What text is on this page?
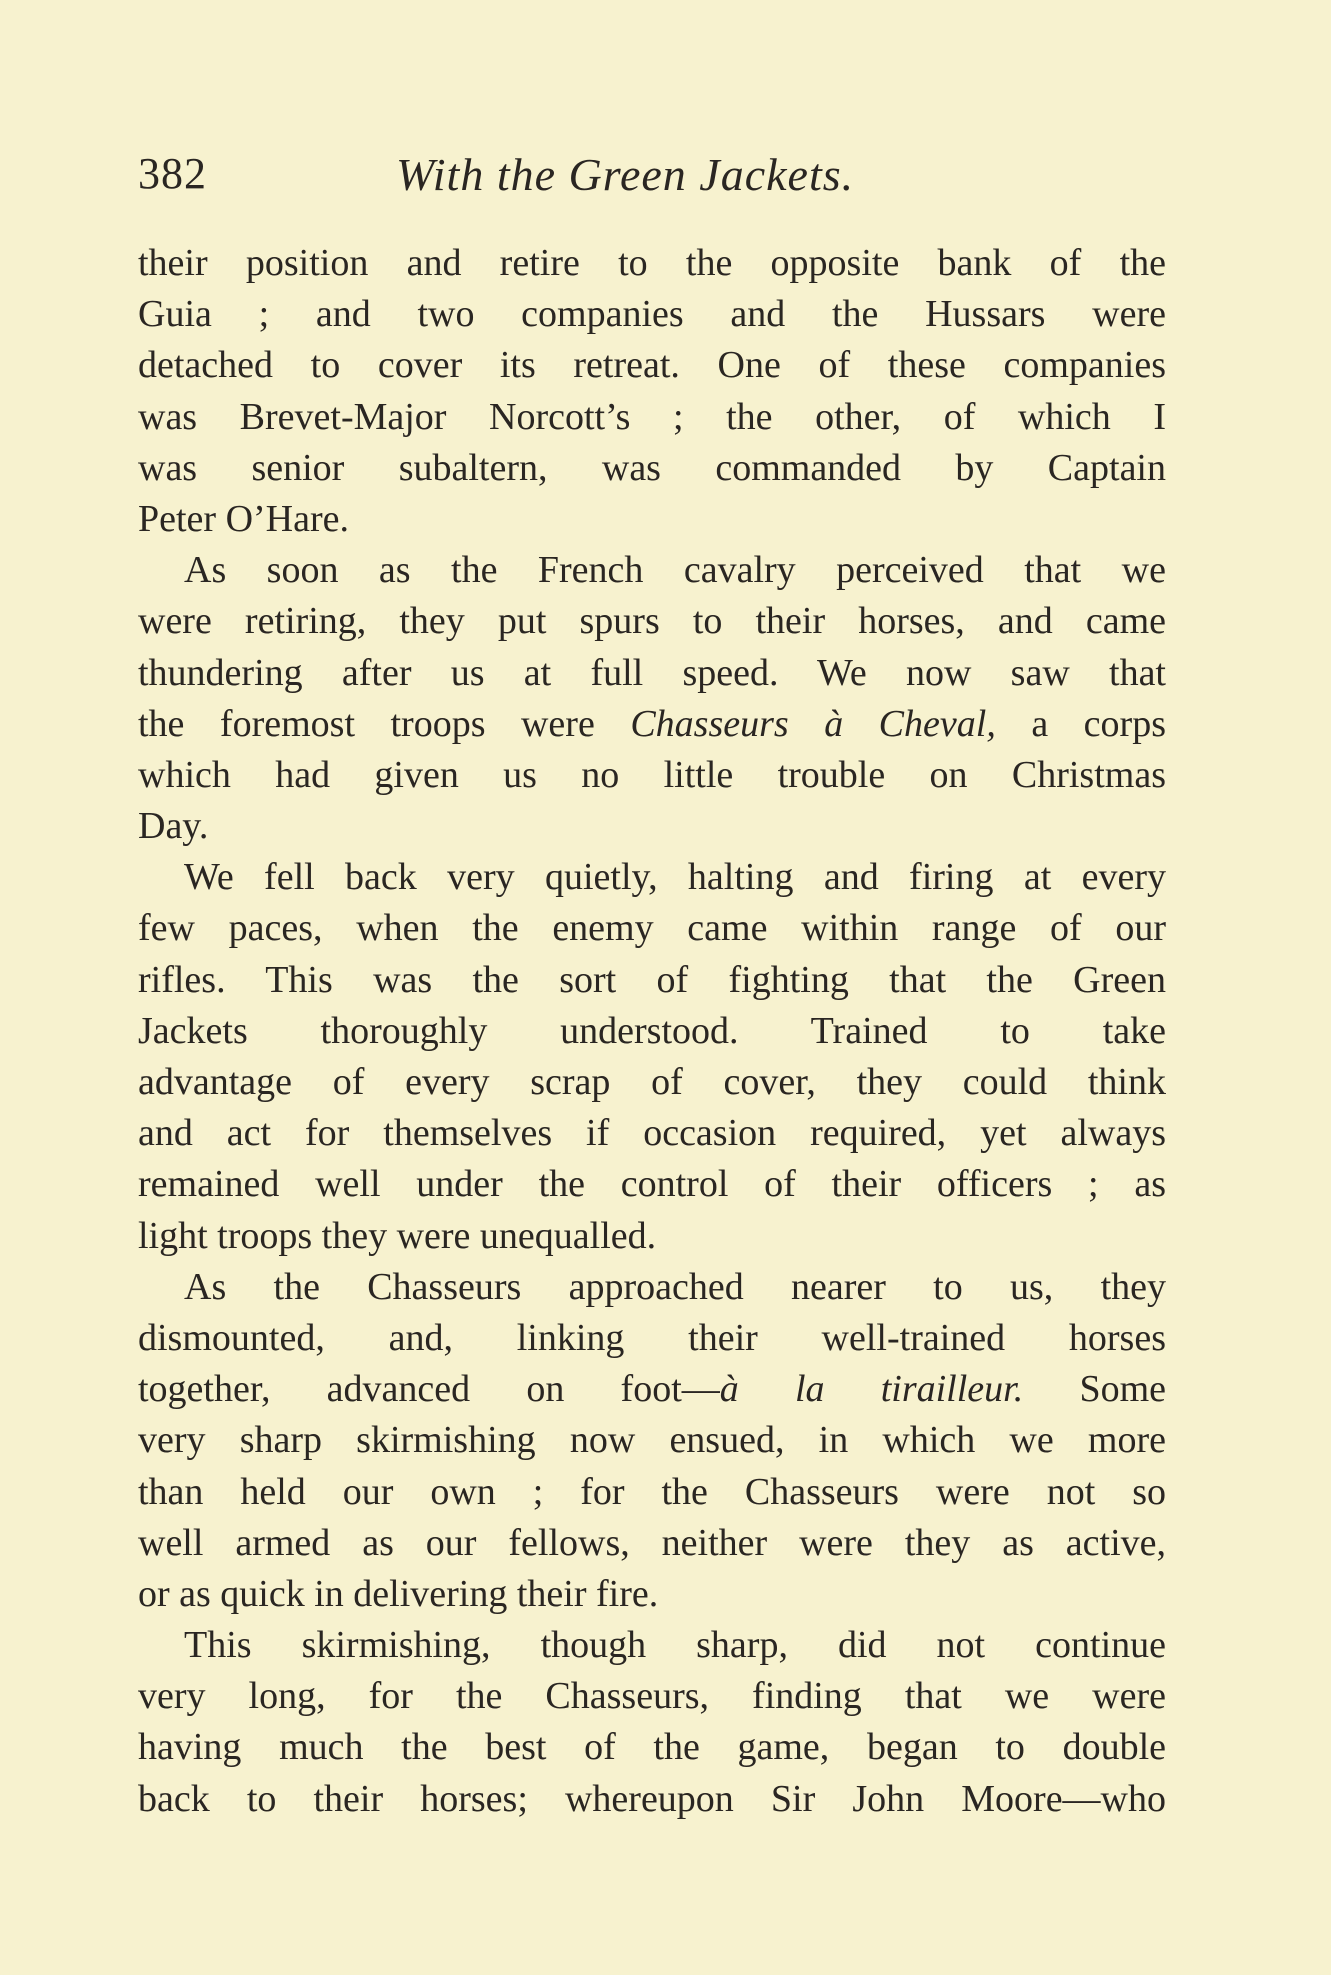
382	With the Green Jackets.
their position and retire to the opposite bank of the
Guia ; and two companies and the Hussars were
detached to cover its retreat. One of these companies
was Brevet-Major Norcott’s ; the other, of which I
was senior subaltern, was commanded by Captain
Peter O’Hare.
As soon as the French cavalry perceived that we
were retiring, they put spurs to their horses, and came
thundering after us at full speed. We now saw that
the foremost troops were Chasseurs à Cheval, a corps
which had given us no little trouble on Christmas
Day.
We fell back very quietly, halting and firing at every
few paces, when the enemy came within range of our
rifles. This was the sort of fighting that the Green
Jackets thoroughly understood. Trained to take
advantage of every scrap of cover, they could think
and act for themselves if occasion required, yet always
remained well under the control of their officers ; as
light troops they were unequalled.
As the Chasseurs approached nearer to us, they
dismounted, and, linking their well-trained horses
together, advanced on foot—à la tirailleur. Some
very sharp skirmishing now ensued, in which we more
than held our own ; for the Chasseurs were not so
well armed as our fellows, neither were they as active,
or as quick in delivering their fire.
This skirmishing, though sharp, did not continue
very long, for the Chasseurs, finding that we were
having much the best of the game, began to double
back to their horses; whereupon Sir John Moore—who
